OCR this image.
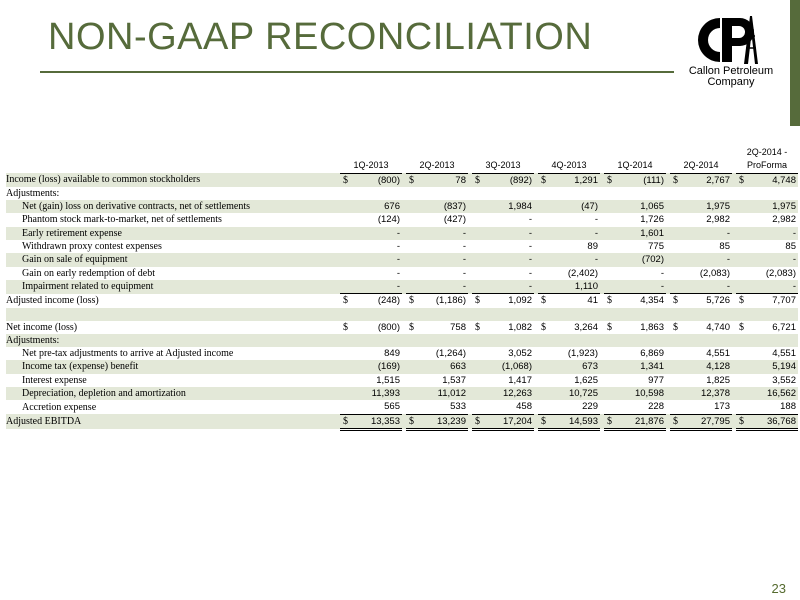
NON-GAAP RECONCILIATION
Callon Petroleum
Company
																			2Q-2014 -	
	1Q-2013			2Q-2013			3Q-2013			4Q-2013			1Q-2014			2Q-2014			ProForma	
Income (loss) available to common stockholders	$	(800)		$	78		$	(892)		$	1,291		$	(111)		$	2,767		$	4,748
Adjustments:																				
Net (gain) loss on derivative contracts, net of settlements		676			(837)			1,984			(47)			1,065			1,975			1,975
Phantom stock mark-to-market, net of settlements		(124)			(427)			-			-			1,726			2,982			2,982
Early retirement expense		-			-			-			-			1,601			-			-
Withdrawn proxy contest expenses		-			-			-			89			775			85			85
Gain on sale of equipment		-			-			-			-			(702)			-			-
Gain on early redemption of debt		-			-			-			(2,402)			-			(2,083)			(2,083)
Impairment related to equipment		-			-			-			1,110			-			-			-
Adjusted income (loss)	$	(248)		$	(1,186)		$	1,092		$	41		$	4,354		$	5,726		$	7,707

Net income (loss)	$	(800)		$	758		$	1,082		$	3,264		$	1,863		$	4,740		$	6,721
Adjustments:																				
Net pre-tax adjustments to arrive at Adjusted income		849			(1,264)			3,052			(1,923)			6,869			4,551			4,551
Income tax (expense) benefit		(169)			663			(1,068)			673			1,341			4,128			5,194
Interest expense		1,515			1,537			1,417			1,625			977			1,825			3,552
Depreciation, depletion and amortization		11,393			11,012			12,263			10,725			10,598			12,378			16,562
Accretion expense		565			533			458			229			228			173			188
Adjusted EBITDA	$	13,353		$	13,239		$	17,204		$	14,593		$	21,876		$	27,795		$	36,768
23
